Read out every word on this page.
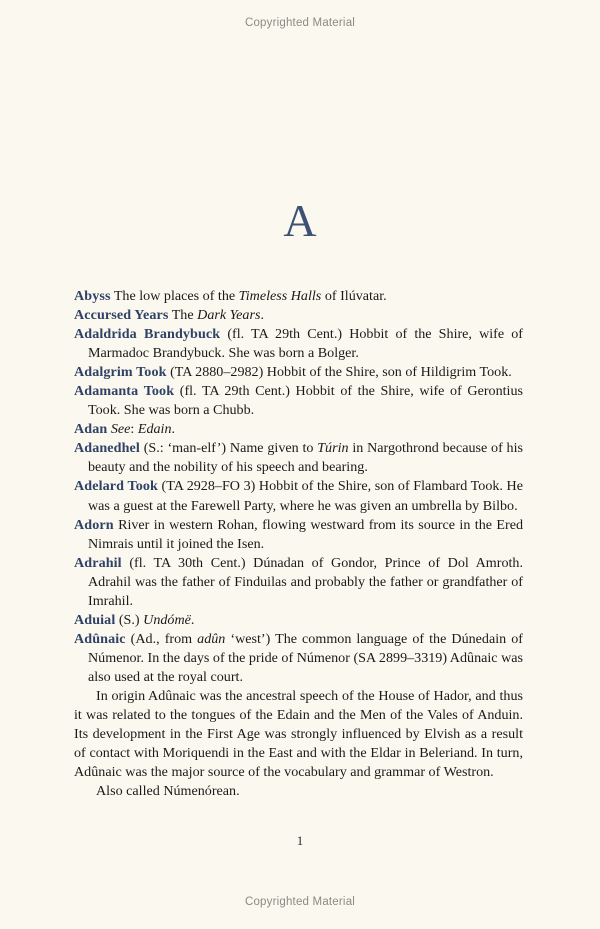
Copyrighted Material
A

Abyss The low places of the Timeless Halls of Ilúvatar.

Accursed Years The Dark Years.

Adaldrida Brandybuck (fl. TA 29th Cent.) Hobbit of the Shire, wife of Marmadoc Brandybuck. She was born a Bolger.

Adalgrim Took (TA 2880–2982) Hobbit of the Shire, son of Hildigrim Took.

Adamanta Took (fl. TA 29th Cent.) Hobbit of the Shire, wife of Gerontius Took. She was born a Chubb.

Adan See: Edain.

Adanedhel (S.: ‘man-elf’) Name given to Túrin in Nargothrond because of his beauty and the nobility of his speech and bearing.

Adelard Took (TA 2928–FO 3) Hobbit of the Shire, son of Flambard Took. He was a guest at the Farewell Party, where he was given an umbrella by Bilbo.

Adorn River in western Rohan, flowing westward from its source in the Ered Nimrais until it joined the Isen.

Adrahil (fl. TA 30th Cent.) Dúnadan of Gondor, Prince of Dol Amroth. Adrahil was the father of Finduilas and probably the father or grandfather of Imrahil.

Aduial (S.) Undómë.

Adûnaic (Ad., from adûn ‘west’) The common language of the Dúnedain of Númenor. In the days of the pride of Númenor (SA 2899–3319) Adûnaic was also used at the royal court.

In origin Adûnaic was the ancestral speech of the House of Hador, and thus it was related to the tongues of the Edain and the Men of the Vales of Anduin. Its development in the First Age was strongly influenced by Elvish as a result of contact with Moriquendi in the East and with the Eldar in Beleriand. In turn, Adûnaic was the major source of the vocabulary and grammar of Westron.

Also called Númenórean.

1
Copyrighted Material
